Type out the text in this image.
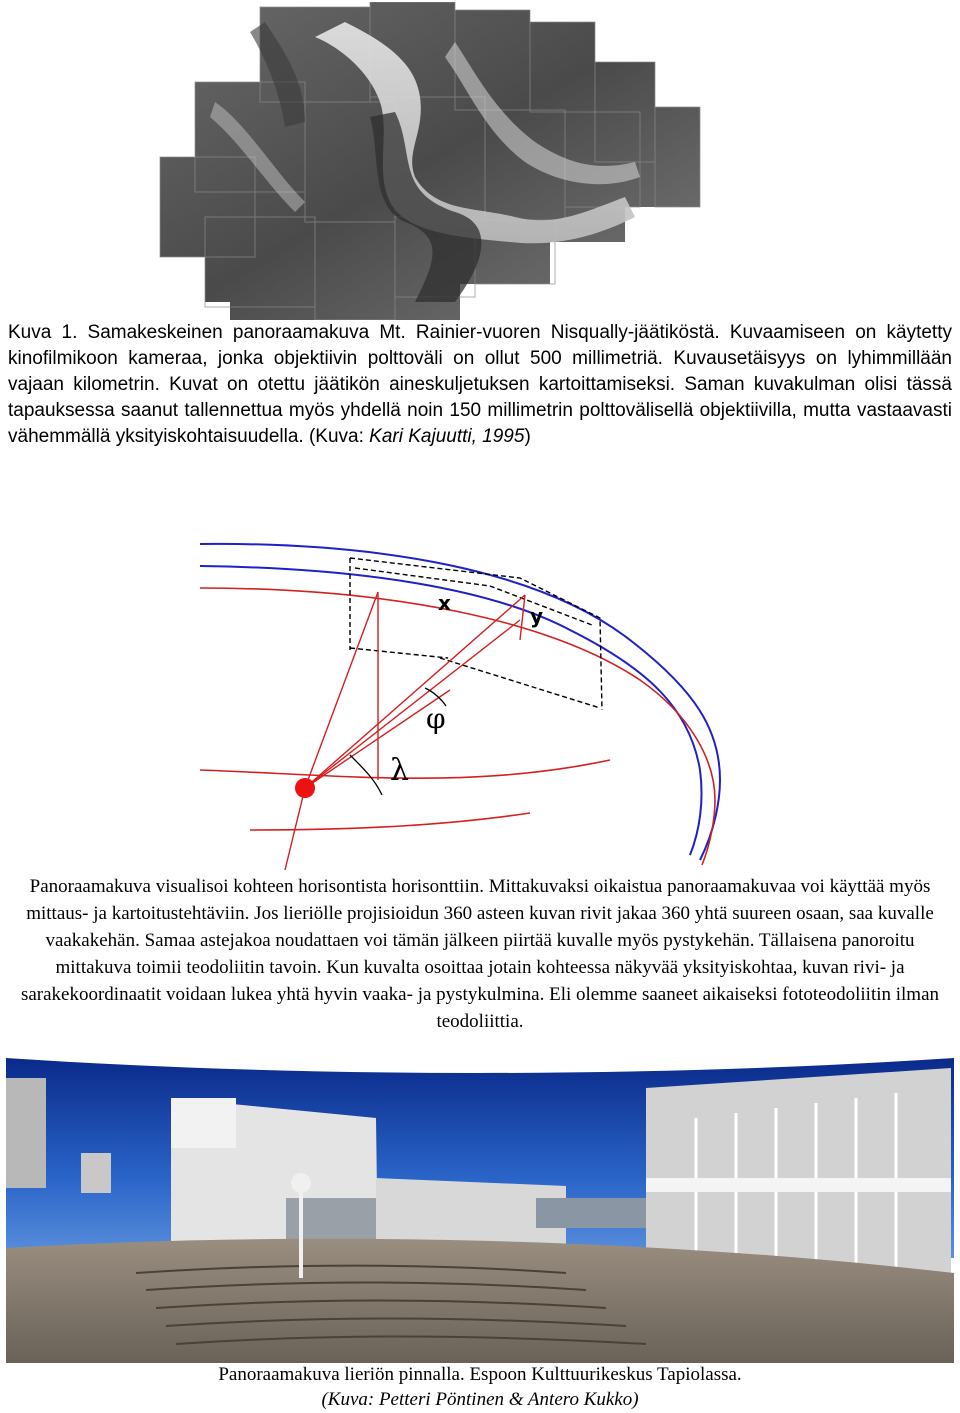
Kuva 1. Samakeskeinen panoraamakuva Mt. Rainier-vuoren Nisqually-jäätiköstä. Kuvaamiseen on käytetty kinofilmikoon kameraa, jonka objektiivin polttoväli on ollut 500 millimetriä. Kuvausetäisyys on lyhimmillään vajaan kilometrin. Kuvat on otettu jäätikön aineskuljetuksen kartoittamiseksi. Saman kuvakulman olisi tässä tapauksessa saanut tallennettua myös yhdellä noin 150 millimetrin polttovälisellä objektiivilla, mutta vastaavasti vähemmällä yksityiskohtaisuudella. (Kuva: Kari Kajuutti, 1995)
x
y
φ
λ
Panoraamakuva visualisoi kohteen horisontista horisonttiin. Mittakuvaksi oikaistua panoraamakuvaa voi käyttää myös mittaus- ja kartoitustehtäviin. Jos lieriölle projisioidun 360 asteen kuvan rivit jakaa 360 yhtä suureen osaan, saa kuvalle vaakakehän. Samaa astejakoa noudattaen voi tämän jälkeen piirtää kuvalle myös pystykehän. Tällaisena panoroitu mittakuva toimii teodoliitin tavoin. Kun kuvalta osoittaa jotain kohteessa näkyvää yksityiskohtaa, kuvan rivi- ja sarakekoordinaatit voidaan lukea yhtä hyvin vaaka- ja pystykulmina. Eli olemme saaneet aikaiseksi fototeodoliitin ilman teodoliittia.
Panoraamakuva lieriön pinnalla. Espoon Kulttuurikeskus Tapiolassa.
(Kuva: Petteri Pöntinen & Antero Kukko)
